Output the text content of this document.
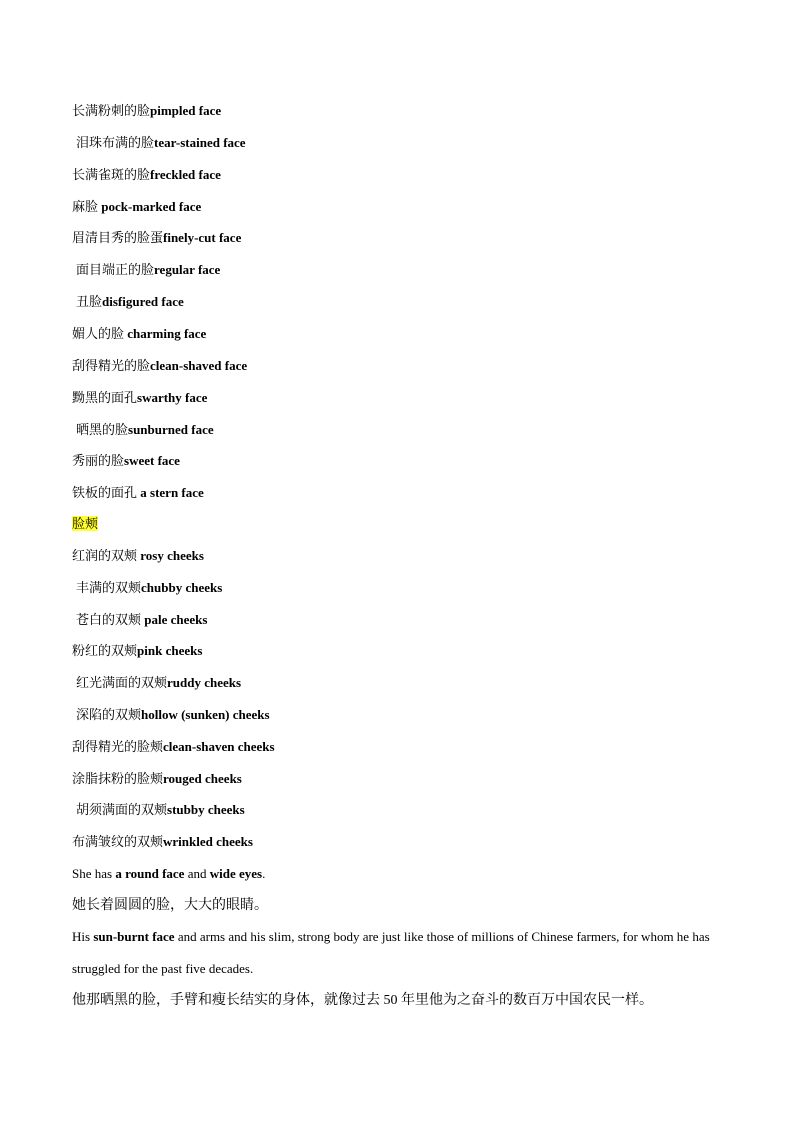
长满粉刺的脸pimpled face
泪珠布满的脸tear-stained face
长满雀斑的脸freckled face
麻脸 pock-marked face
眉清目秀的脸蛋finely-cut face
面目端正的脸regular face
丑脸disfigured face
媚人的脸 charming face
刮得精光的脸clean-shaved face
黝黑的面孔swarthy face
晒黑的脸sunburned face
秀丽的脸sweet face
铁板的面孔 a stern face
脸颊
红润的双颊 rosy cheeks
丰满的双颊chubby cheeks
苍白的双颊 pale cheeks
粉红的双颊pink cheeks
红光满面的双颊ruddy cheeks
深陷的双颊hollow (sunken) cheeks
刮得精光的脸颊clean-shaven cheeks
涂脂抹粉的脸颊rouged cheeks
胡须满面的双颊stubby cheeks
布满皱纹的双颊wrinkled cheeks
She has a round face and wide eyes.
她长着圆圆的脸，大大的眼睛。
His sun-burnt face and arms and his slim, strong body are just like those of millions of Chinese farmers, for whom he has struggled for the past five decades.
他那晒黑的脸，手臂和瘦长结实的身体，就像过去 50 年里他为之奋斗的数百万中国农民一样。
